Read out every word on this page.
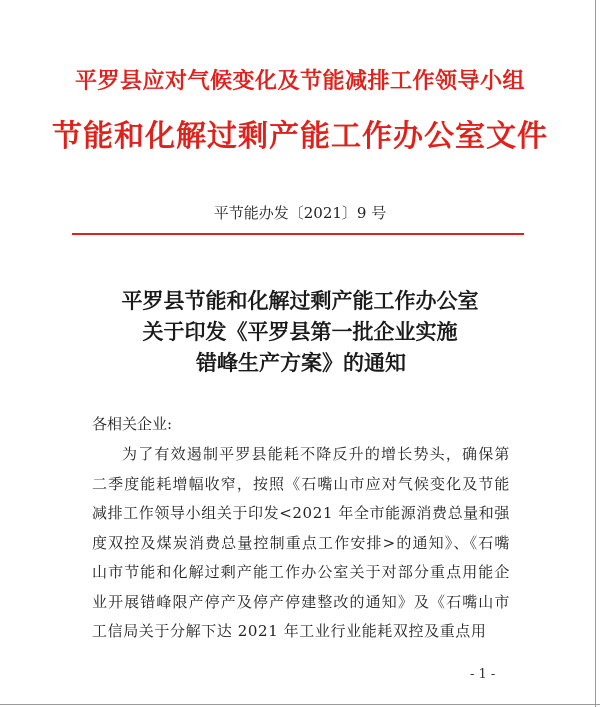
平罗县应对气候变化及节能减排工作领导小组
节能和化解过剩产能工作办公室文件
平节能办发〔2021〕9 号
平罗县节能和化解过剩产能工作办公室
关于印发《平罗县第一批企业实施
错峰生产方案》的通知
各相关企业:
为了有效遏制平罗县能耗不降反升的增长势头，确保第二季度能耗增幅收窄，按照《石嘴山市应对气候变化及节能减排工作领导小组关于印发<2021 年全市能源消费总量和强度双控及煤炭消费总量控制重点工作安排>的通知》、《石嘴山市节能和化解过剩产能工作办公室关于对部分重点用能企业开展错峰限产停产及停产停建整改的通知》及《石嘴山市工信局关于分解下达 2021 年工业行业能耗双控及重点用
- 1 -
